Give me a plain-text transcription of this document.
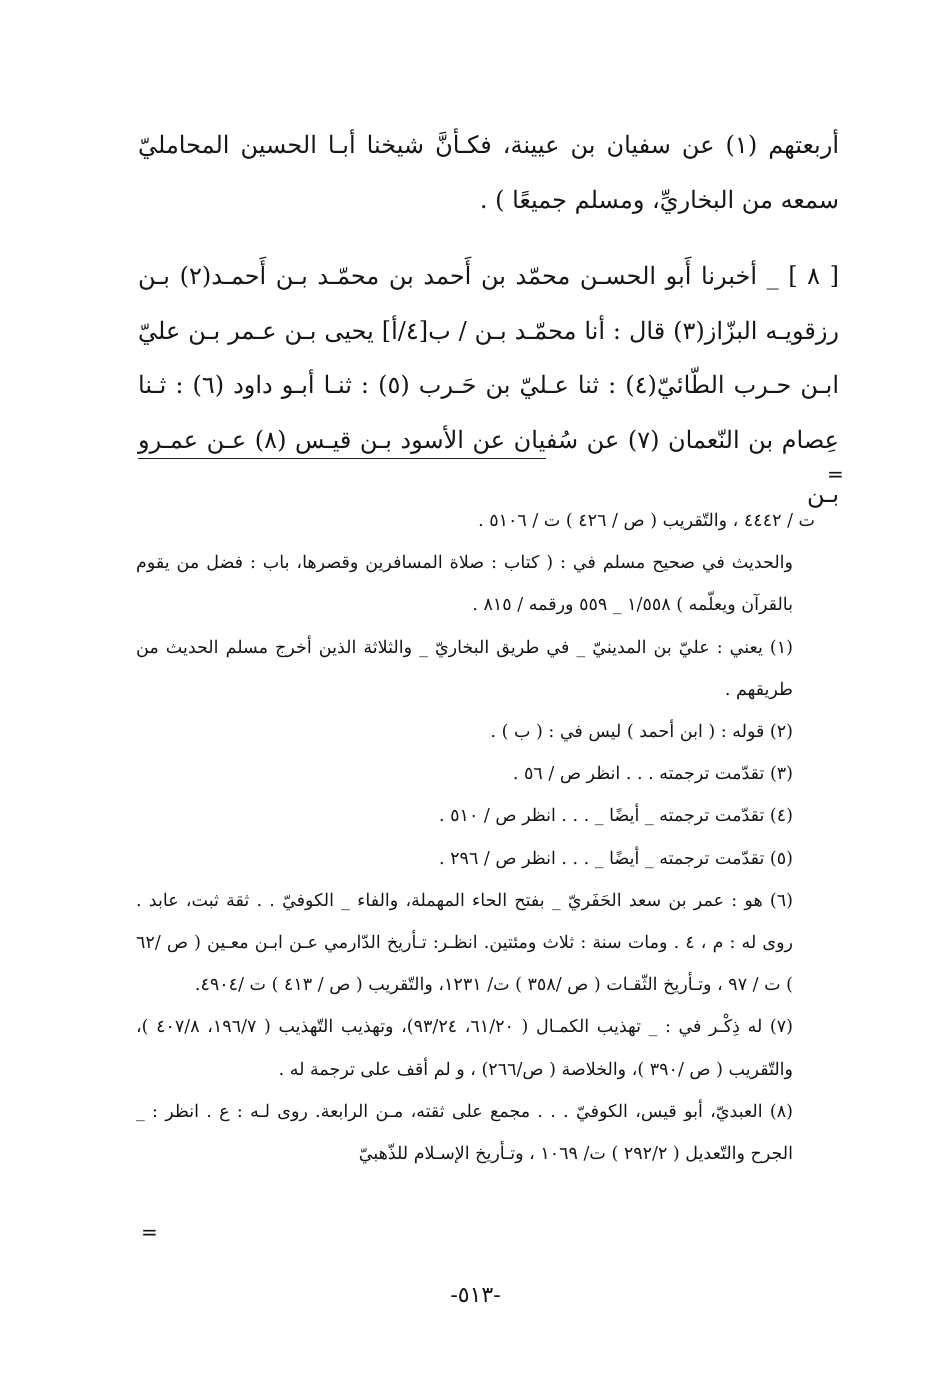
أربعتهم (١) عن سفيان بن عيينة، فكـأنَّ شيخنا أبـا الحسين المحامليّ سمعه من البخاريِّ، ومسلم جميعًا ) .

[ ٨ ] _ أخبرنا أَبو الحسـن محمّد بن أَحمد بن محمّـد بـن أَحمـد(٢) بـن رزقويـه البزّاز(٣) قال : أنا محمّـد بـن / ب[٤/أ] يحيى بـن عـمر بـن عليّ ابـن حـرب الطّائيّ(٤) : ثنا عـليّ بن حَـرب (٥) : ثنـا أبـو داود (٦) : ثـنا عِصام بن النّعمان (٧) عن سُفيان عن الأسود بـن قيـس (٨) عـن عمـرو بـن

=

ت / ٤٤٤٢ ، والتّقريب ( ص / ٤٢٦ ) ت / ٥١٠٦ .

والحديث في صحيح مسلم في : ( كتاب : صلاة المسافرين وقصرها، باب : فضل من يقوم بالقرآن ويعلّمه ) ١/٥٥٨ _ ٥٥٩ ورقمه / ٨١٥ .

(١) يعني : عليّ بن المدينيّ _ في طريق البخاريّ _ والثلاثة الذين أخرج مسلم الحديث من طريقهم .

(٢) قوله : ( ابن أحمد ) ليس في : ( ب ) .

(٣) تقدّمت ترجمته . . . انظر ص / ٥٦ .

(٤) تقدّمت ترجمته _ أيضًا _ . . . انظر ص / ٥١٠ .

(٥) تقدّمت ترجمته _ أيضًا _ . . . انظر ص / ٢٩٦ .

(٦) هو : عمر بن سعد الحَفَريّ _ بفتح الحاء المهملة، والفاء _ الكوفيّ . . ثقة ثبت، عابد . روى له : م ، ٤ . ومات سنة : ثلاث ومئتين. انظـر: تـأريخ الدّارمي عـن ابـن معـين ( ص /٦٢ ) ت / ٩٧ ، وتـأريخ الثّقـات ( ص /٣٥٨ ) ت/ ١٢٣١، والتّقريب ( ص / ٤١٣ ) ت /٤٩٠٤.

(٧) له ذِكْـر في : _ تهذيب الكمـال ( ٦١/٢٠، ٩٣/٢٤)، وتهذيب التّهذيب ( ١٩٦/٧، ٤٠٧/٨ )، والتّقريب ( ص /٣٩٠ )، والخلاصة ( ص/٢٦٦) ، و لم أقف على ترجمة له .

(٨) العبديّ، أبو قيس، الكوفيّ . . . مجمع على ثقته، مـن الرابعة. روى لـه : ع . انظر : _ الجرح والتّعديل ( ٢٩٢/٢ ) ت/ ١٠٦٩ ، وتـأريخ الإسـلام للذّهبيّ

=
-٥١٣-
